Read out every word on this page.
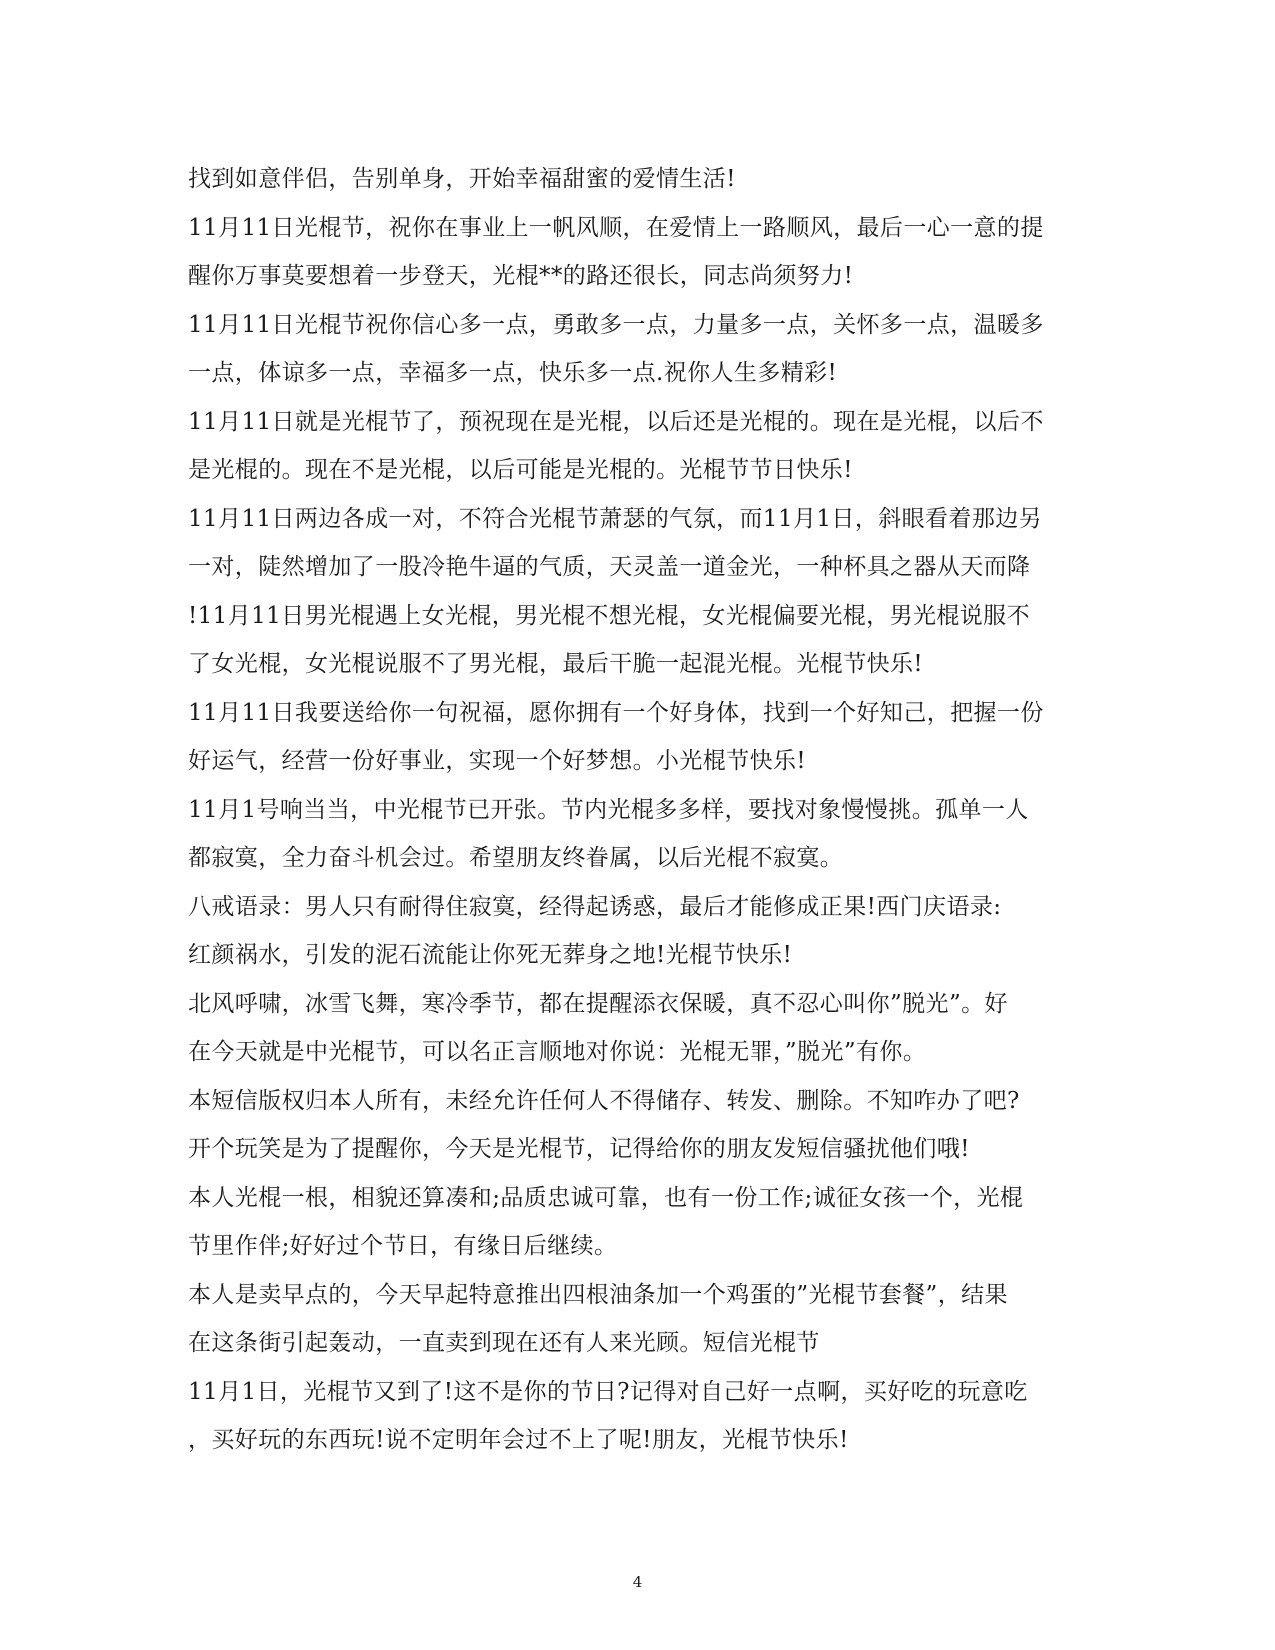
找到如意伴侣，告别单身，开始幸福甜蜜的爱情生活!
11月11日光棍节，祝你在事业上一帆风顺，在爱情上一路顺风，最后一心一意的提
醒你万事莫要想着一步登天，光棍**的路还很长，同志尚须努力!
11月11日光棍节祝你信心多一点，勇敢多一点，力量多一点，关怀多一点，温暖多
一点，体谅多一点，幸福多一点，快乐多一点.祝你人生多精彩!
11月11日就是光棍节了，预祝现在是光棍，以后还是光棍的。现在是光棍，以后不
是光棍的。现在不是光棍，以后可能是光棍的。光棍节节日快乐!
11月11日两边各成一对，不符合光棍节萧瑟的气氛，而11月1日，斜眼看着那边另
一对，陡然增加了一股冷艳牛逼的气质，天灵盖一道金光，一种杯具之器从天而降
!11月11日男光棍遇上女光棍，男光棍不想光棍，女光棍偏要光棍，男光棍说服不
了女光棍，女光棍说服不了男光棍，最后干脆一起混光棍。光棍节快乐!
11月11日我要送给你一句祝福，愿你拥有一个好身体，找到一个好知己，把握一份
好运气，经营一份好事业，实现一个好梦想。小光棍节快乐!
11月1号响当当，中光棍节已开张。节内光棍多多样，要找对象慢慢挑。孤单一人
都寂寞，全力奋斗机会过。希望朋友终眷属，以后光棍不寂寞。
八戒语录：男人只有耐得住寂寞，经得起诱惑，最后才能修成正果!西门庆语录:
红颜祸水，引发的泥石流能让你死无葬身之地!光棍节快乐!
北风呼啸，冰雪飞舞，寒冷季节，都在提醒添衣保暖，真不忍心叫你”脱光”。好
在今天就是中光棍节，可以名正言顺地对你说：光棍无罪，”脱光”有你。
本短信版权归本人所有，未经允许任何人不得储存、转发、删除。不知咋办了吧?
开个玩笑是为了提醒你，今天是光棍节，记得给你的朋友发短信骚扰他们哦!
本人光棍一根，相貌还算凑和;品质忠诚可靠，也有一份工作;诚征女孩一个，光棍
节里作伴;好好过个节日，有缘日后继续。
本人是卖早点的，今天早起特意推出四根油条加一个鸡蛋的”光棍节套餐”，结果
在这条街引起轰动，一直卖到现在还有人来光顾。短信光棍节
11月1日，光棍节又到了!这不是你的节日?记得对自己好一点啊，买好吃的玩意吃
，买好玩的东西玩!说不定明年会过不上了呢!朋友，光棍节快乐!
4
